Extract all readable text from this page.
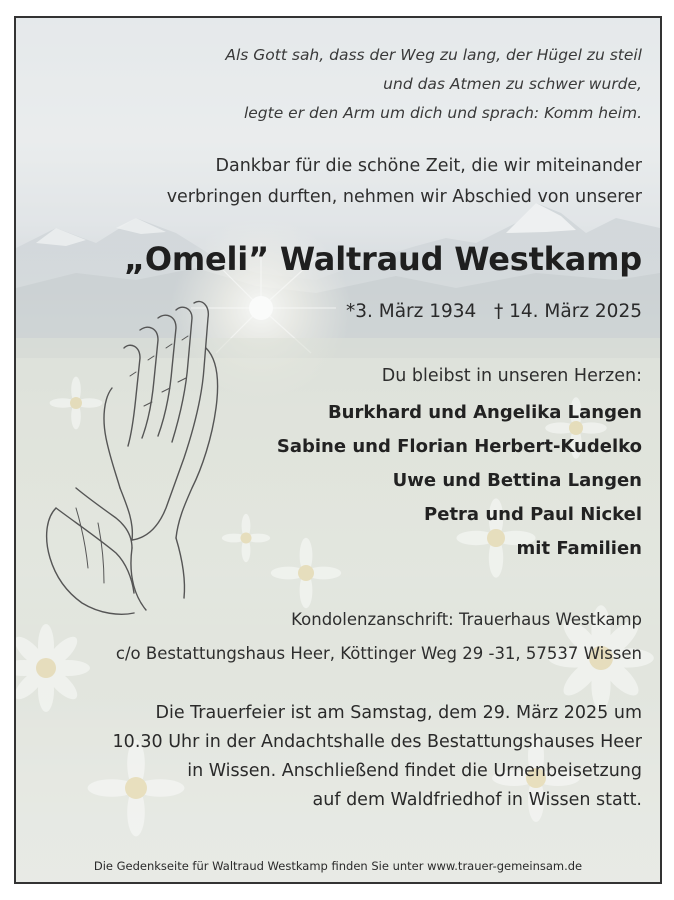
Als Gott sah, dass der Weg zu lang, der Hügel zu steil

und das Atmen zu schwer wurde,

legte er den Arm um dich und sprach: Komm heim.

Dankbar für die schöne Zeit, die wir miteinander

verbringen durften, nehmen wir Abschied von unserer

„Omeli” Waltraud Westkamp

*3. März 1934 † 14. März 2025

Du bleibst in unseren Herzen:

Burkhard und Angelika Langen

Sabine und Florian Herbert-Kudelko

Uwe und Bettina Langen

Petra und Paul Nickel

mit Familien

Kondolenzanschrift: Trauerhaus Westkamp

c/o Bestattungshaus Heer, Köttinger Weg 29 -31, 57537 Wissen

Die Trauerfeier ist am Samstag, dem 29. März 2025 um

10.30 Uhr in der Andachtshalle des Bestattungshauses Heer

in Wissen. Anschließend findet die Urnenbeisetzung

auf dem Waldfriedhof in Wissen statt.

Die Gedenkseite für Waltraud Westkamp finden Sie unter www.trauer-gemeinsam.de
